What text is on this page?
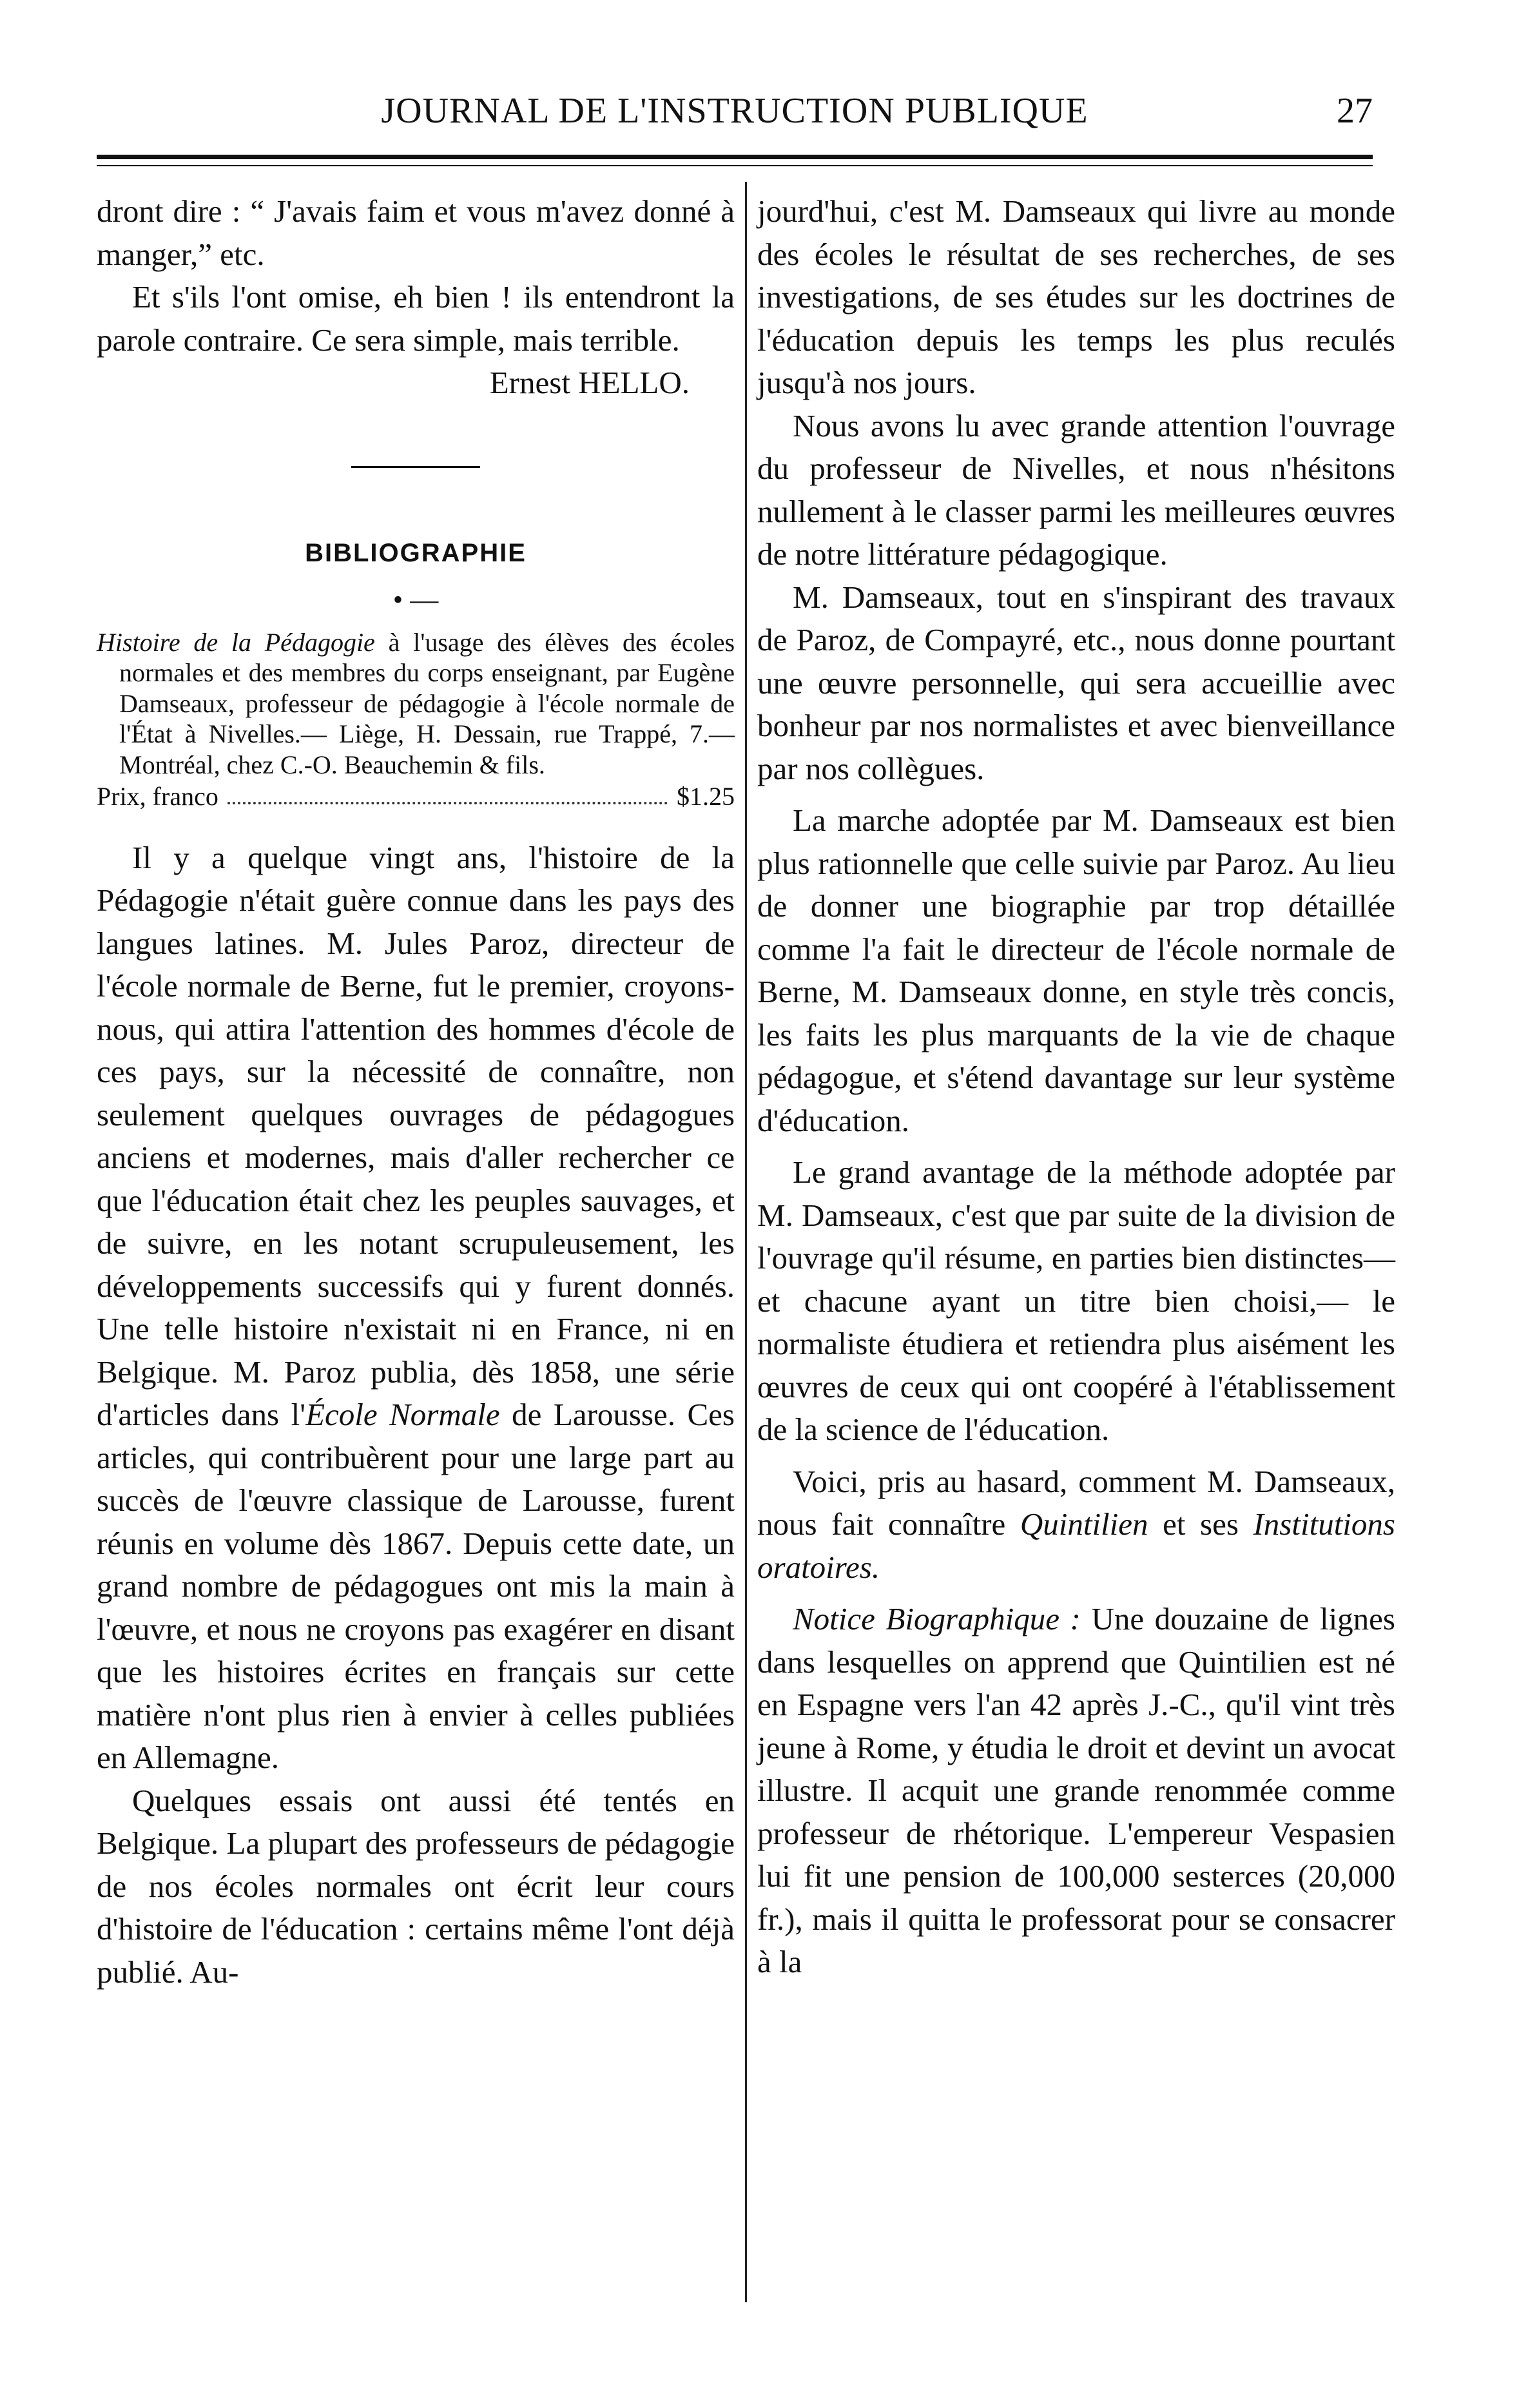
JOURNAL DE L'INSTRUCTION PUBLIQUE	27

dront dire : “ J'avais faim et vous m'avez donné à manger,” etc.

Et s'ils l'ont omise, eh bien ! ils entendront la parole contraire. Ce sera simple, mais terrible.

Ernest HELLO.

BIBLIOGRAPHIE
• —

Histoire de la Pédagogie à l'usage des élèves des écoles normales et des membres du corps enseignant, par Eugène Damseaux, professeur de pédagogie à l'école normale de l'État à Nivelles.— Liège, H. Dessain, rue Trappé, 7.— Montréal, chez C.-O. Beauchemin & fils.

Prix, franco	$1.25

Il y a quelque vingt ans, l'histoire de la Pédagogie n'était guère connue dans les pays des langues latines. M. Jules Paroz, directeur de l'école normale de Berne, fut le premier, croyons-nous, qui attira l'attention des hommes d'école de ces pays, sur la nécessité de connaître, non seulement quelques ouvrages de pédagogues anciens et modernes, mais d'aller rechercher ce que l'éducation était chez les peuples sauvages, et de suivre, en les notant scrupuleusement, les développements successifs qui y furent donnés. Une telle histoire n'existait ni en France, ni en Belgique. M. Paroz publia, dès 1858, une série d'articles dans l'École Normale de Larousse. Ces articles, qui contribuèrent pour une large part au succès de l'œuvre classique de Larousse, furent réunis en volume dès 1867. Depuis cette date, un grand nombre de pédagogues ont mis la main à l'œuvre, et nous ne croyons pas exagérer en disant que les histoires écrites en français sur cette matière n'ont plus rien à envier à celles publiées en Allemagne.

Quelques essais ont aussi été tentés en Belgique. La plupart des professeurs de pédagogie de nos écoles normales ont écrit leur cours d'histoire de l'éducation : certains même l'ont déjà publié. Au-

jourd'hui, c'est M. Damseaux qui livre au monde des écoles le résultat de ses recherches, de ses investigations, de ses études sur les doctrines de l'éducation depuis les temps les plus reculés jusqu'à nos jours.

Nous avons lu avec grande attention l'ouvrage du professeur de Nivelles, et nous n'hésitons nullement à le classer parmi les meilleures œuvres de notre littérature pédagogique.

M. Damseaux, tout en s'inspirant des travaux de Paroz, de Compayré, etc., nous donne pourtant une œuvre personnelle, qui sera accueillie avec bonheur par nos normalistes et avec bienveillance par nos collègues.

La marche adoptée par M. Damseaux est bien plus rationnelle que celle suivie par Paroz. Au lieu de donner une biographie par trop détaillée comme l'a fait le directeur de l'école normale de Berne, M. Damseaux donne, en style très concis, les faits les plus marquants de la vie de chaque pédagogue, et s'étend davantage sur leur système d'éducation.

Le grand avantage de la méthode adoptée par M. Damseaux, c'est que par suite de la division de l'ouvrage qu'il résume, en parties bien distinctes— et chacune ayant un titre bien choisi,— le normaliste étudiera et retiendra plus aisément les œuvres de ceux qui ont coopéré à l'établissement de la science de l'éducation.

Voici, pris au hasard, comment M. Damseaux, nous fait connaître Quintilien et ses Institutions oratoires.

Notice Biographique : Une douzaine de lignes dans lesquelles on apprend que Quintilien est né en Espagne vers l'an 42 après J.-C., qu'il vint très jeune à Rome, y étudia le droit et devint un avocat illustre. Il acquit une grande renommée comme professeur de rhétorique. L'empereur Vespasien lui fit une pension de 100,000 sesterces (20,000 fr.), mais il quitta le professorat pour se consacrer à la
